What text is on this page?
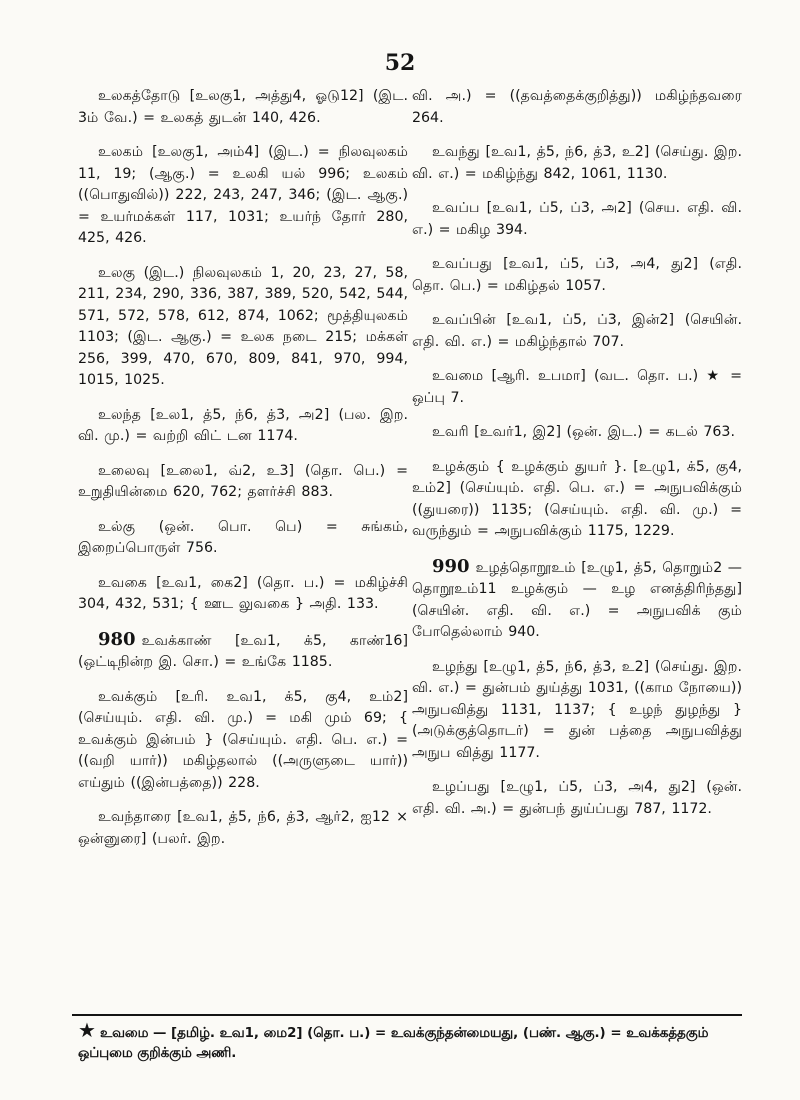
52

உலகத்தோடு [உலகு1, அத்து4, ஓடு12] (இட. 3ம் வே.) = உலகத் துடன் 140, 426.

உலகம் [உலகு1, அம்4] (இட.) = நிலவுலகம் 11, 19; (ஆகு.) = உலகி யல் 996; உலகம் ((பொதுவில்)) 222, 243, 247, 346; (இட. ஆகு.) = உயர்மக்கள் 117, 1031; உயர்ந் தோர் 280, 425, 426.

உலகு (இட.) நிலவுலகம் 1, 20, 23, 27, 58, 211, 234, 290, 336, 387, 389, 520, 542, 544, 571, 572, 578, 612, 874, 1062; மூத்தியுலகம் 1103; (இட. ஆகு.) = உலக நடை 215; மக்கள் 256, 399, 470, 670, 809, 841, 970, 994, 1015, 1025.

உலந்த [உல1, த்5, ந்6, த்3, அ2] (பல. இற. வி. மு.) = வற்றி விட் டன 1174.

உலைவு [உலை1, வ்2, உ3] (தொ. பெ.) = உறுதியின்மை 620, 762; தளர்ச்சி 883.

உல்கு (ஒன். பொ. பெ) = சுங்கம், இறைப்பொருள் 756.

உவகை [உவ1, கை2] (தொ. ப.) = மகிழ்ச்சி 304, 432, 531; { ஊட லுவகை } அதி. 133.

980 உவக்காண் [உவ1, க்5, காண்16] (ஒட்டிநின்ற இ. சொ.) = உங்கே 1185.

உவக்கும் [உரி. உவ1, க்5, கு4, உம்2] (செய்யும். எதி. வி. மு.) = மகி மும் 69; { உவக்கும் இன்பம் } (செய்யும். எதி. பெ. எ.) = ((வறி யார்)) மகிழ்தலால் ((அருளுடை யார்)) எய்தும் ((இன்பத்தை)) 228.

உவந்தாரை [உவ1, த்5, ந்6, த்3, ஆர்2, ஐ12 × ஒன்னுரை] (பலர். இற.

வி. அ.) = ((தவத்தைக்குறித்து)) மகிழ்ந்தவரை 264.

உவந்து [உவ1, த்5, ந்6, த்3, உ2] (செய்து. இற. வி. எ.) = மகிழ்ந்து 842, 1061, 1130.

உவப்ப [உவ1, ப்5, ப்3, அ2] (செய. எதி. வி. எ.) = மகிழ 394.

உவப்பது [உவ1, ப்5, ப்3, அ4, து2] (எதி. தொ. பெ.) = மகிழ்தல் 1057.

உவப்பின் [உவ1, ப்5, ப்3, இன்2] (செயின். எதி. வி. எ.) = மகிழ்ந்தால் 707.

உவமை [ஆரி. உபமா] (வட. தொ. ப.) ★ = ஒப்பு 7.

உவரி [உவர்1, இ2] (ஒன். இட.) = கடல் 763.

உழக்கும் { உழக்கும் துயர் }. [உழு1, க்5, கு4, உம்2] (செய்யும். எதி. பெ. எ.) = அநுபவிக்கும் ((துயரை)) 1135; (செய்யும். எதி. வி. மு.) = வருந்தும் = அநுபவிக்கும் 1175, 1229.

990 உழத்தொறூஉம் [உழு1, த்5, தொறும்2 — தொறூஉம்11 உழக்கும் — உழ எனத்திரிந்தது] (செயின். எதி. வி. எ.) = அநுபவிக் கும் போதெல்லாம் 940.

உழந்து [உழு1, த்5, ந்6, த்3, உ2] (செய்து. இற. வி. எ.) = துன்பம் துய்த்து 1031, ((காம நோயை)) அநுபவித்து 1131, 1137; { உழந் துழந்து } (அடுக்குத்தொடர்) = துன் பத்தை அநுபவித்து அநுப வித்து 1177.

உழப்பது [உழு1, ப்5, ப்3, அ4, து2] (ஒன். எதி. வி. அ.) = துன்பந் துய்ப்பது 787, 1172.

★ உவமை — [தமிழ். உவ1, மை2] (தொ. ப.) = உவக்குந்தன்மையது, (பண். ஆகு.) = உவக்கத்தகும் ஒப்புமை குறிக்கும் அணி.
